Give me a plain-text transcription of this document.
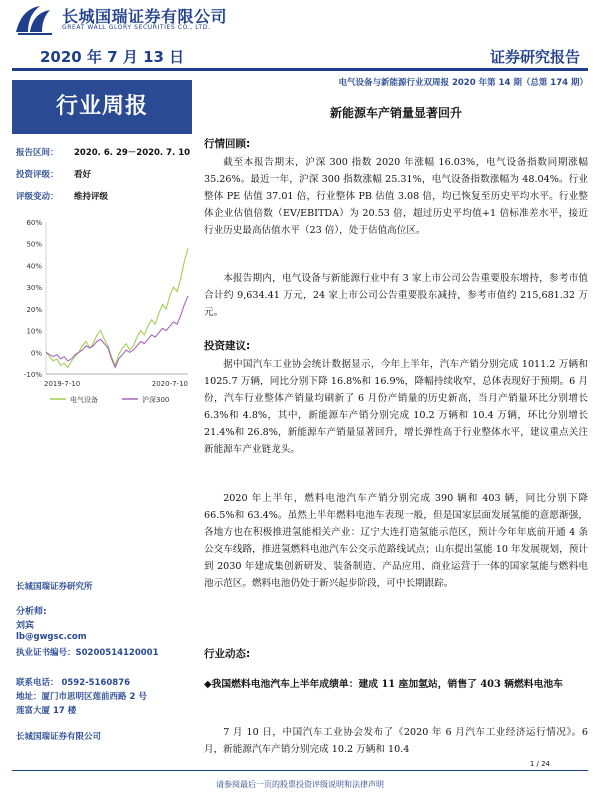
长城国瑞证券有限公司
GREAT WALL GLORY SECURITIES CO., LTD.
2020 年 7 月 13 日	证券研究报告
行业周报
报告区间： 2020. 6. 29－2020. 7. 10
投资评级： 看好
评级变动： 维持评级
60%
50%
40%
30%
20%
10%
0%
-10%
2019-7-10	2020-7-10
电气设备	沪深300
长城国瑞证券研究所
分析师:
刘宾
lb@gwgsc.com
执业证书编号：S0200514120001
联系电话： 0592-5160876
地址：厦门市思明区莲前西路 2 号
莲富大厦 17 楼
长城国瑞证券有限公司
电气设备与新能源行业双周报 2020 年第 14 期（总第 174 期）
新能源车产销量显著回升
行情回顾:
截至本报告期末，沪深 300 指数 2020 年涨幅 16.03%，电气设备指数同期涨幅 35.26%。最近一年，沪深 300 指数涨幅 25.31%，电气设备指数涨幅为 48.04%。行业整体 PE 估值 37.01 倍，行业整体 PB 估值 3.08 倍，均已恢复至历史平均水平。行业整体企业估值倍数（EV/EBITDA）为 20.53 倍，超过历史平均值+1 倍标准差水平，接近行业历史最高估值水平（23 倍），处于估值高位区。
本报告期内，电气设备与新能源行业中有 3 家上市公司公告重要股东增持，参考市值合计约 9,634.41 万元，24 家上市公司公告重要股东减持，参考市值约 215,681.32 万元。
投资建议:
据中国汽车工业协会统计数据显示，今年上半年，汽车产销分别完成 1011.2 万辆和 1025.7 万辆，同比分别下降 16.8%和 16.9%，降幅持续收窄，总体表现好于预期。6 月份，汽车行业整体产销量均刷新了 6 月份产销量的历史新高，当月产销量环比分别增长 6.3%和 4.8%，其中，新能源车产销分别完成 10.2 万辆和 10.4 万辆，环比分别增长 21.4%和 26.8%，新能源车产销量显著回升，增长弹性高于行业整体水平，建议重点关注新能源车产业链龙头。
2020 年上半年，燃料电池汽车产销分别完成 390 辆和 403 辆，同比分别下降 66.5%和 63.4%。虽然上半年燃料电池车表现一般，但是国家层面发展氢能的意愿渐强，各地方也在积极推进氢能相关产业：辽宁大连打造氢能示范区，预计今年年底前开通 4 条公交车线路，推进氢燃料电池汽车公交示范路线试点；山东提出氢能 10 年发展规划，预计到 2030 年建成集创新研发、装备制造、产品应用、商业运营于一体的国家氢能与燃料电池示范区。燃料电池仍处于新兴起步阶段，可中长期跟踪。
行业动态:
◆我国燃料电池汽车上半年成绩单：建成 11 座加氢站，销售了 403 辆燃料电池车
7 月 10 日，中国汽车工业协会发布了《2020 年 6 月汽车工业经济运行情况》。6 月，新能源汽车产销分别完成 10.2 万辆和 10.4
1 / 24
请参阅最后一页的股票投资评级说明和法律声明
